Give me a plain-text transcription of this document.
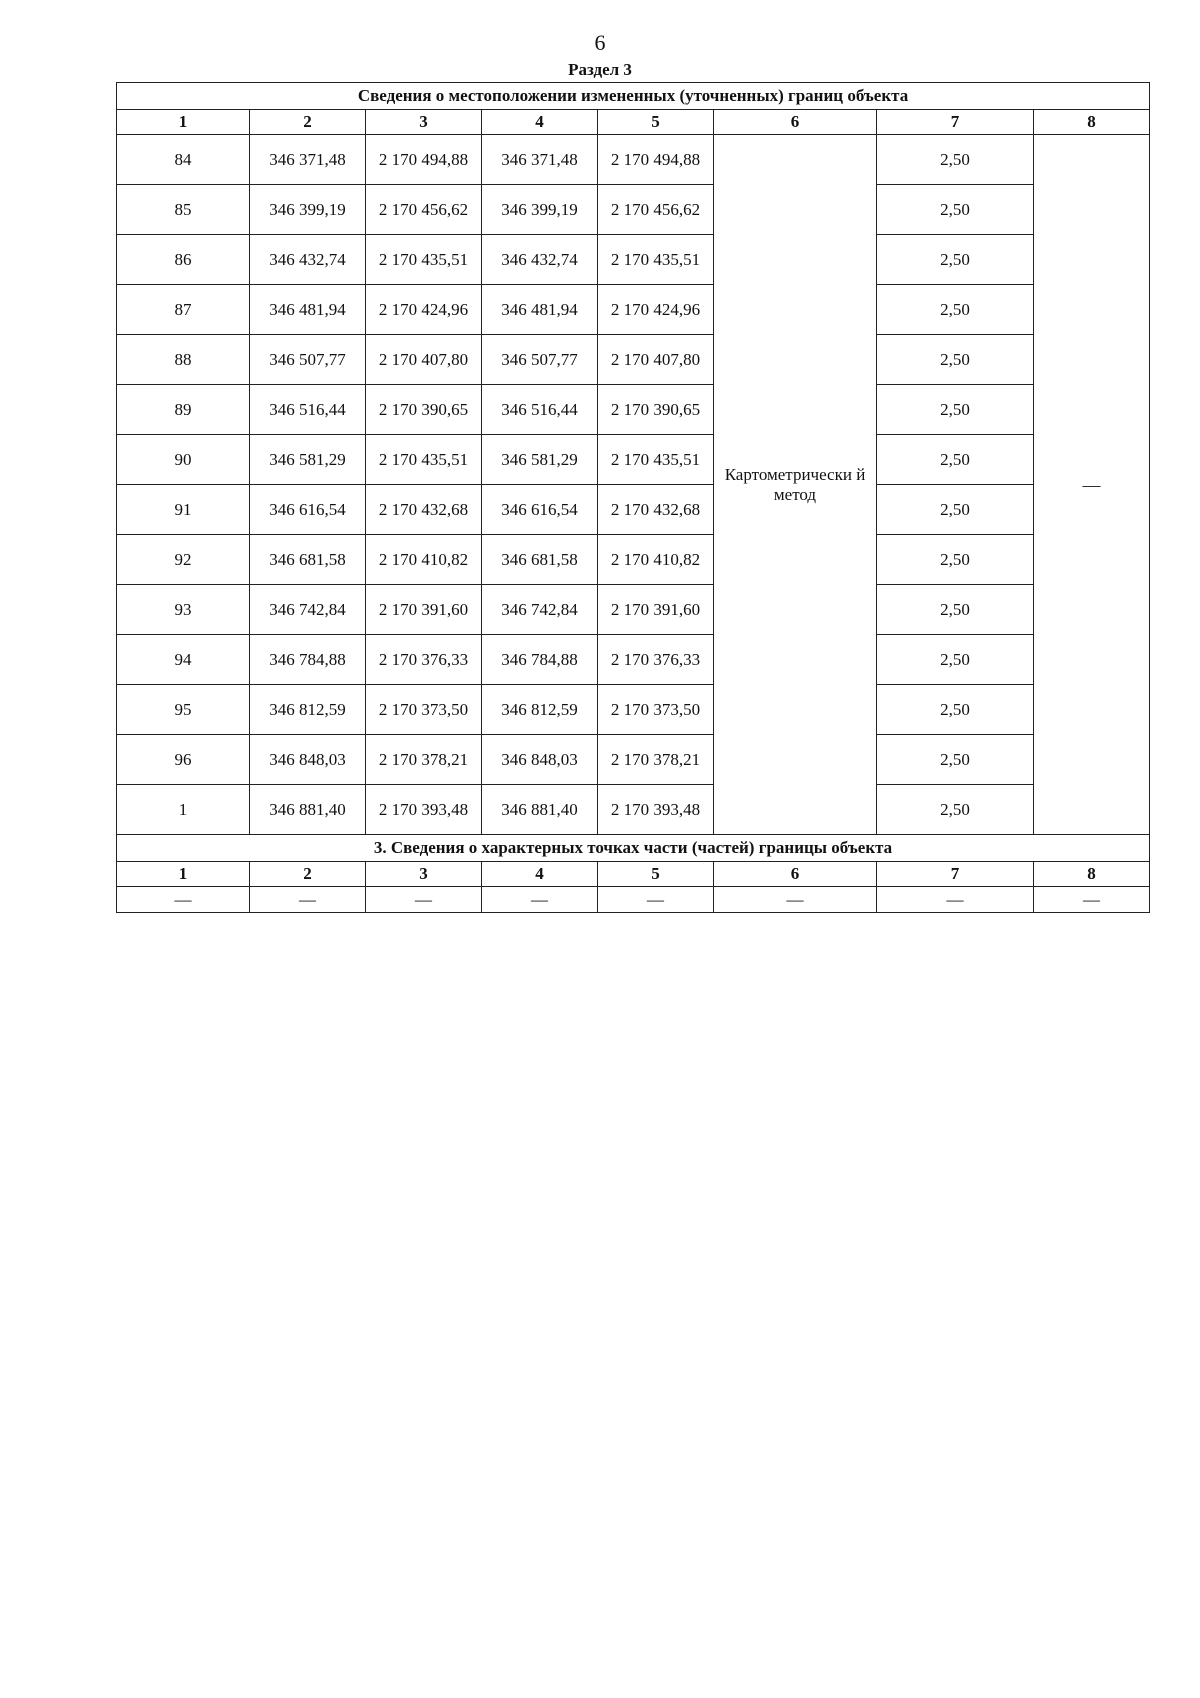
6
Раздел 3
Сведения о местоположении измененных (уточненных) границ объекта							
1	2	3	4	5	6	7	8
84	346 371,48	2 170 494,88	346 371,48	2 170 494,88	Картометрически й метод	2,50	—
85	346 399,19	2 170 456,62	346 399,19	2 170 456,62		2,50	
86	346 432,74	2 170 435,51	346 432,74	2 170 435,51		2,50	
87	346 481,94	2 170 424,96	346 481,94	2 170 424,96		2,50	
88	346 507,77	2 170 407,80	346 507,77	2 170 407,80		2,50	
89	346 516,44	2 170 390,65	346 516,44	2 170 390,65		2,50	
90	346 581,29	2 170 435,51	346 581,29	2 170 435,51		2,50	
91	346 616,54	2 170 432,68	346 616,54	2 170 432,68		2,50	
92	346 681,58	2 170 410,82	346 681,58	2 170 410,82		2,50	
93	346 742,84	2 170 391,60	346 742,84	2 170 391,60		2,50	
94	346 784,88	2 170 376,33	346 784,88	2 170 376,33		2,50	
95	346 812,59	2 170 373,50	346 812,59	2 170 373,50		2,50	
96	346 848,03	2 170 378,21	346 848,03	2 170 378,21		2,50	
1	346 881,40	2 170 393,48	346 881,40	2 170 393,48		2,50	
3. Сведения о характерных точках части (частей) границы объекта							
1	2	3	4	5	6	7	8
—	—	—	—	—	—	—	—
